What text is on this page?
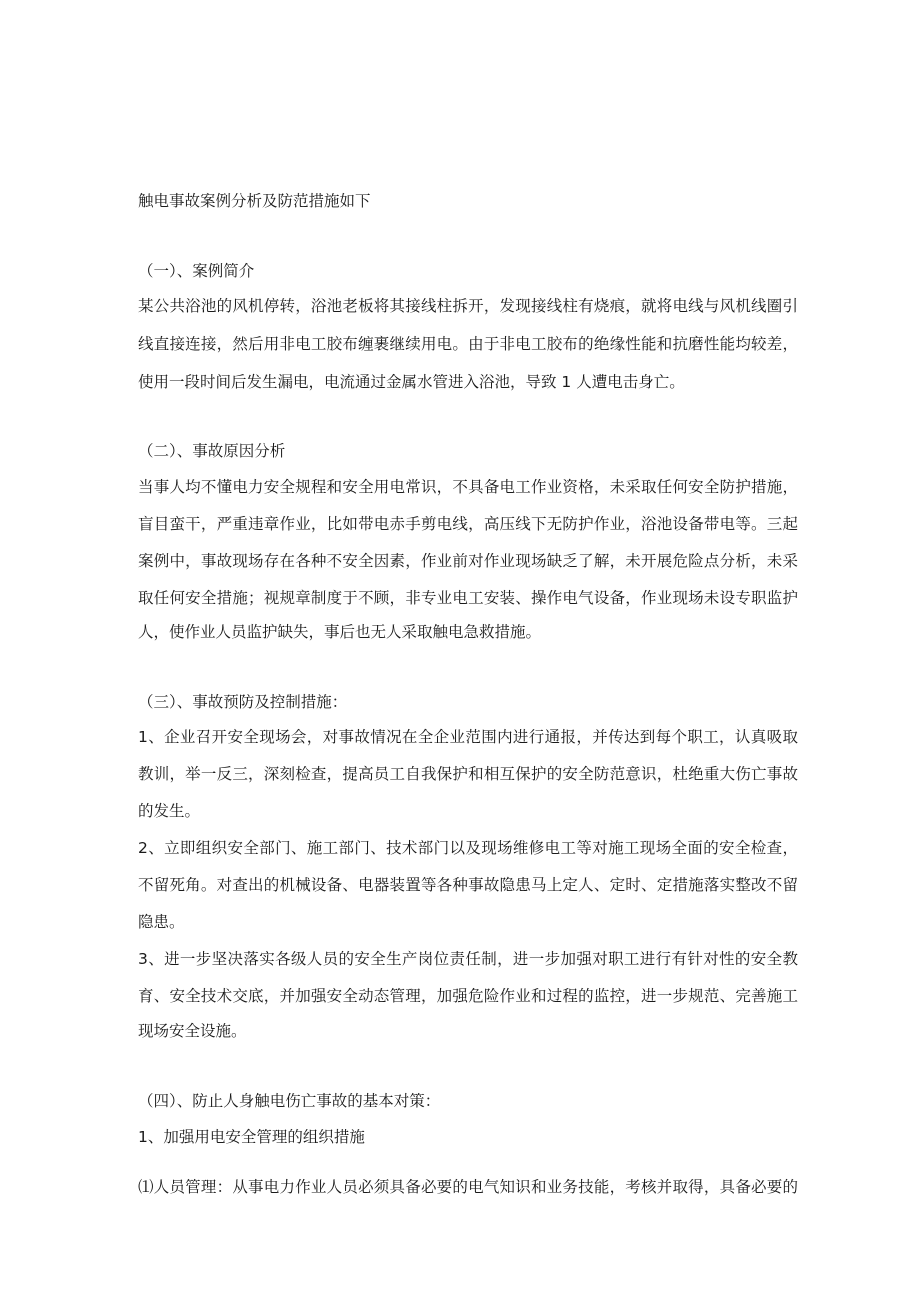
触电事故案例分析及防范措施如下
（一）、案例简介
某公共浴池的风机停转，浴池老板将其接线柱拆开，发现接线柱有烧痕，就将电线与风机线圈引
线直接连接，然后用非电工胶布缠裹继续用电。由于非电工胶布的绝缘性能和抗磨性能均较差，
使用一段时间后发生漏电，电流通过金属水管进入浴池，导致 1 人遭电击身亡。
（二）、事故原因分析
当事人均不懂电力安全规程和安全用电常识，不具备电工作业资格，未采取任何安全防护措施，
盲目蛮干，严重违章作业，比如带电赤手剪电线，高压线下无防护作业，浴池设备带电等。三起
案例中，事故现场存在各种不安全因素，作业前对作业现场缺乏了解，未开展危险点分析，未采
取任何安全措施；视规章制度于不顾，非专业电工安装、操作电气设备，作业现场未设专职监护
人，使作业人员监护缺失，事后也无人采取触电急救措施。
（三）、事故预防及控制措施：
1、企业召开安全现场会，对事故情况在全企业范围内进行通报，并传达到每个职工，认真吸取
教训，举一反三，深刻检查，提高员工自我保护和相互保护的安全防范意识，杜绝重大伤亡事故
的发生。
2、立即组织安全部门、施工部门、技术部门以及现场维修电工等对施工现场全面的安全检查，
不留死角。对查出的机械设备、电器装置等各种事故隐患马上定人、定时、定措施落实整改不留
隐患。
3、进一步坚决落实各级人员的安全生产岗位责任制，进一步加强对职工进行有针对性的安全教
育、安全技术交底，并加强安全动态管理，加强危险作业和过程的监控，进一步规范、完善施工
现场安全设施。
（四）、防止人身触电伤亡事故的基本对策：
1、加强用电安全管理的组织措施
⑴人员管理：从事电力作业人员必须具备必要的电气知识和业务技能，考核并取得，具备必要的
